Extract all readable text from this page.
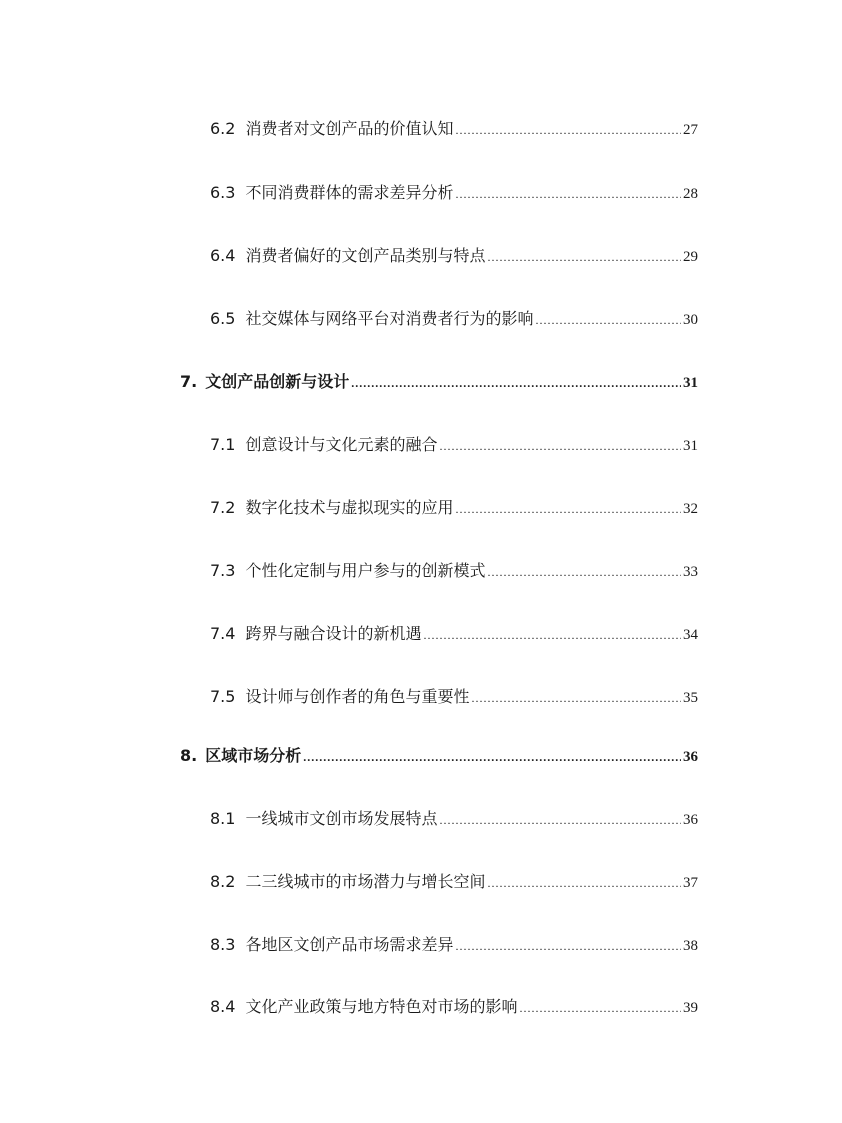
6.2 消费者对文创产品的价值认知 .....	27
6.3 不同消费群体的需求差异分析 .....	28
6.4 消费者偏好的文创产品类别与特点 .....	29
6.5 社交媒体与网络平台对消费者行为的影响 .....	30
7. 文创产品创新与设计 .....	31
7.1 创意设计与文化元素的融合 .....	31
7.2 数字化技术与虚拟现实的应用 .....	32
7.3 个性化定制与用户参与的创新模式 .....	33
7.4 跨界与融合设计的新机遇 .....	34
7.5 设计师与创作者的角色与重要性 .....	35
8. 区域市场分析 .....	36
8.1 一线城市文创市场发展特点 .....	36
8.2 二三线城市的市场潜力与增长空间 .....	37
8.3 各地区文创产品市场需求差异 .....	38
8.4 文化产业政策与地方特色对市场的影响 .....	39
